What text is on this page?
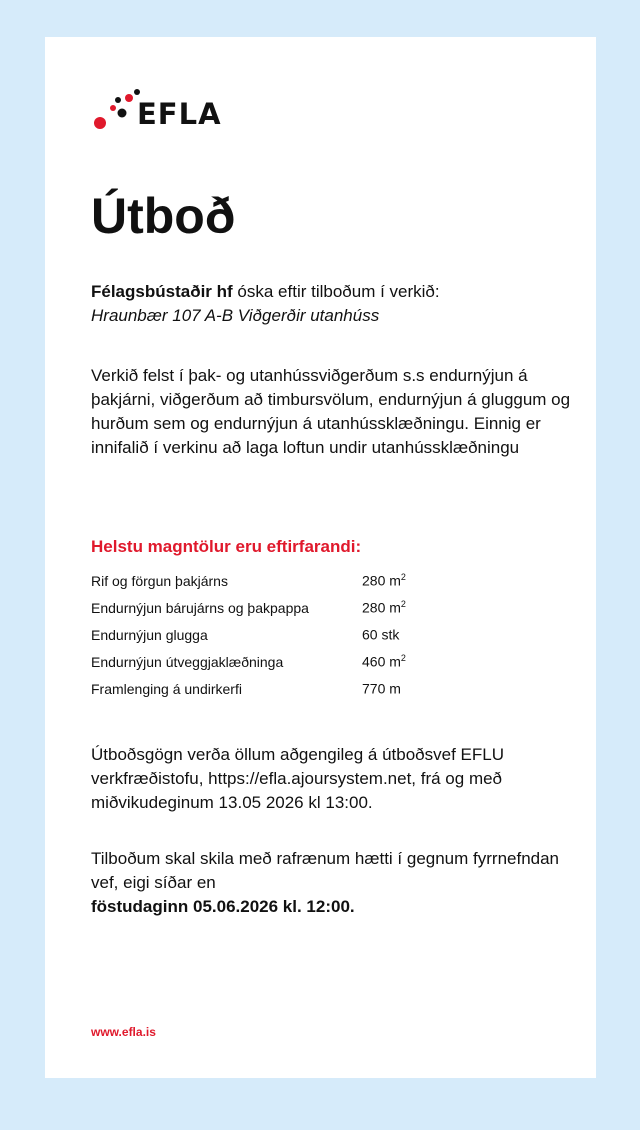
EFLA
Útboð
Félagsbústaðir hf óska eftir tilboðum í verkið:
Hraunbær 107 A-B Viðgerðir utanhúss
Verkið felst í þak- og utanhússviðgerðum s.s endurnýjun á þakjárni, viðgerðum að timbursvölum, endurnýjun á gluggum og hurðum sem og endurnýjun á utanhússklæðningu. Einnig er innifalið í verkinu að laga loftun undir utanhússklæðningu
Helstu magntölur eru eftirfarandi:
Rif og förgun þakjárns	280 $m^2$
Endurnýjun bárujárns og þakpappa	280 $m^2$
Endurnýjun glugga	60 stk
Endurnýjun útveggjaklæðninga	460 $m^2$
Framlenging á undirkerfi	770 m
Útboðsgögn verða öllum aðgengileg á útboðsvef EFLU verkfræðistofu, https://efla.ajoursystem.net, frá og með miðvikudeginum 13.05 2026 kl 13:00.
Tilboðum skal skila með rafrænum hætti í gegnum fyrrnefndan vef, eigi síðar en
föstudaginn 05.06.2026 kl. 12:00.
www.efla.is
